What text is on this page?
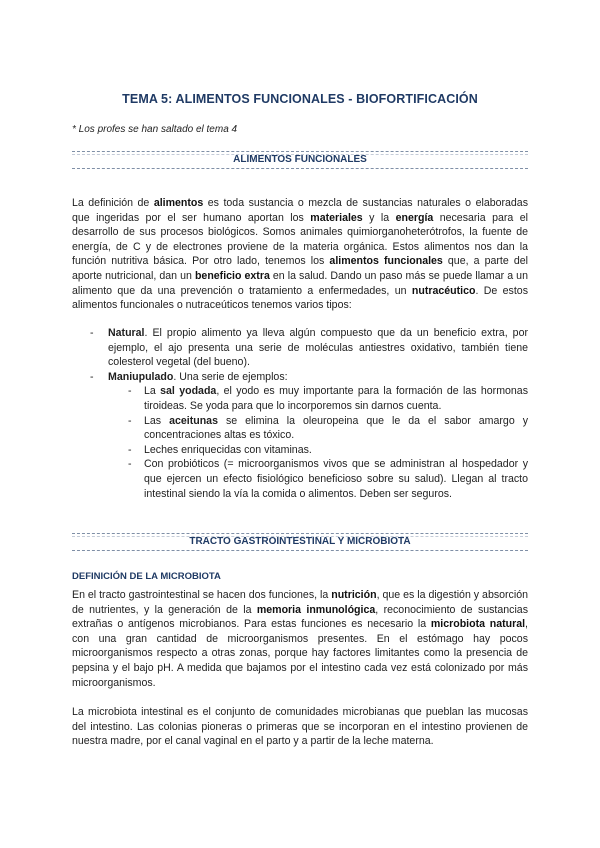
TEMA 5: ALIMENTOS FUNCIONALES - BIOFORTIFICACIÓN
* Los profes se han saltado el tema 4
ALIMENTOS FUNCIONALES

La definición de alimentos es toda sustancia o mezcla de sustancias naturales o elaboradas que ingeridas por el ser humano aportan los materiales y la energía necesaria para el desarrollo de sus procesos biológicos. Somos animales quimiorganoheterótrofos, la fuente de energía, de C y de electrones proviene de la materia orgánica. Estos alimentos nos dan la función nutritiva básica. Por otro lado, tenemos los alimentos funcionales que, a parte del aporte nutricional, dan un beneficio extra en la salud. Dando un paso más se puede llamar a un alimento que da una prevención o tratamiento a enfermedades, un nutracéutico. De estos alimentos funcionales o nutraceúticos tenemos varios tipos:

- Natural. El propio alimento ya lleva algún compuesto que da un beneficio extra, por ejemplo, el ajo presenta una serie de moléculas antiestres oxidativo, también tiene colesterol vegetal (del bueno).
- Maniupulado. Una serie de ejemplos:
- La sal yodada, el yodo es muy importante para la formación de las hormonas tiroideas. Se yoda para que lo incorporemos sin darnos cuenta.
- Las aceitunas se elimina la oleuropeina que le da el sabor amargo y concentraciones altas es tóxico.
- Leches enriquecidas con vitaminas.
- Con probióticos (= microorganismos vivos que se administran al hospedador y que ejercen un efecto fisiológico beneficioso sobre su salud). Llegan al tracto intestinal siendo la vía la comida o alimentos. Deben ser seguros.
TRACTO GASTROINTESTINAL Y MICROBIOTA
DEFINICIÓN DE LA MICROBIOTA

En el tracto gastrointestinal se hacen dos funciones, la nutrición, que es la digestión y absorción de nutrientes, y la generación de la memoria inmunológica, reconocimiento de sustancias extrañas o antígenos microbianos. Para estas funciones es necesario la microbiota natural, con una gran cantidad de microorganismos presentes. En el estómago hay pocos microorganismos respecto a otras zonas, porque hay factores limitantes como la presencia de pepsina y el bajo pH. A medida que bajamos por el intestino cada vez está colonizado por más microorganismos.

La microbiota intestinal es el conjunto de comunidades microbianas que pueblan las mucosas del intestino. Las colonias pioneras o primeras que se incorporan en el intestino provienen de nuestra madre, por el canal vaginal en el parto y a partir de la leche materna.
